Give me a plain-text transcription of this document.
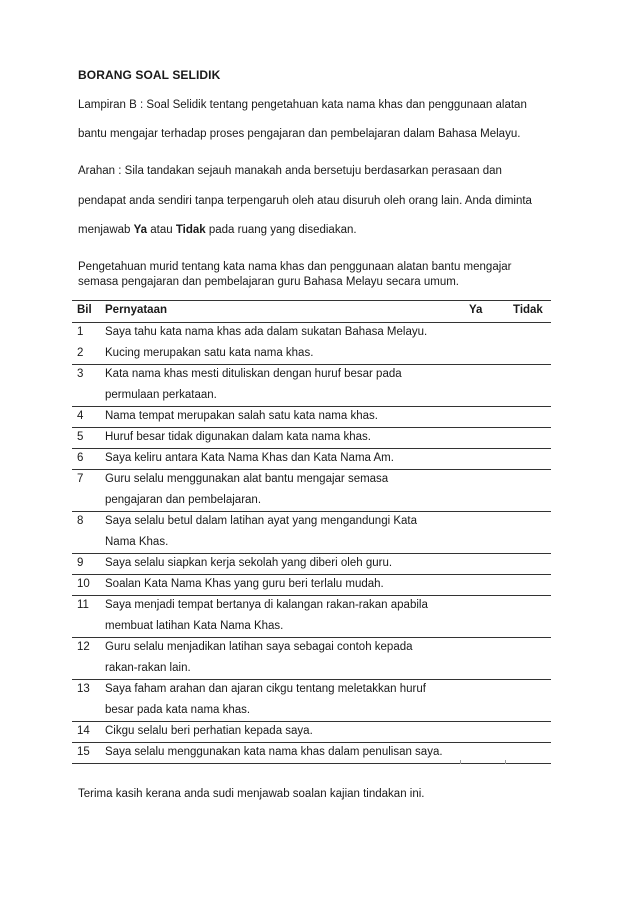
BORANG SOAL SELIDIK
Lampiran B : Soal Selidik tentang pengetahuan kata nama khas dan penggunaan alatan
bantu mengajar terhadap proses pengajaran dan pembelajaran dalam Bahasa Melayu.
Arahan : Sila tandakan sejauh manakah anda bersetuju berdasarkan perasaan dan
pendapat anda sendiri tanpa terpengaruh oleh atau disuruh oleh orang lain. Anda diminta
menjawab Ya atau Tidak pada ruang yang disediakan.
Pengetahuan murid tentang kata nama khas dan penggunaan alatan bantu mengajar
semasa pengajaran dan pembelajaran guru Bahasa Melayu secara umum.
Bil Pernyataan	Ya	Tidak
1 Saya tahu kata nama khas ada dalam sukatan Bahasa Melayu.
2 Kucing merupakan satu kata nama khas.
3 Kata nama khas mesti dituliskan dengan huruf besar pada
permulaan perkataan.
4 Nama tempat merupakan salah satu kata nama khas.
5 Huruf besar tidak digunakan dalam kata nama khas.
6 Saya keliru antara Kata Nama Khas dan Kata Nama Am.
7 Guru selalu menggunakan alat bantu mengajar semasa
pengajaran dan pembelajaran.
8 Saya selalu betul dalam latihan ayat yang mengandungi Kata
Nama Khas.
9 Saya selalu siapkan kerja sekolah yang diberi oleh guru.
10 Soalan Kata Nama Khas yang guru beri terlalu mudah.
11 Saya menjadi tempat bertanya di kalangan rakan-rakan apabila
membuat latihan Kata Nama Khas.
12 Guru selalu menjadikan latihan saya sebagai contoh kepada
rakan-rakan lain.
13 Saya faham arahan dan ajaran cikgu tentang meletakkan huruf
besar pada kata nama khas.
14 Cikgu selalu beri perhatian kepada saya.
15 Saya selalu menggunakan kata nama khas dalam penulisan saya.
Terima kasih kerana anda sudi menjawab soalan kajian tindakan ini.
